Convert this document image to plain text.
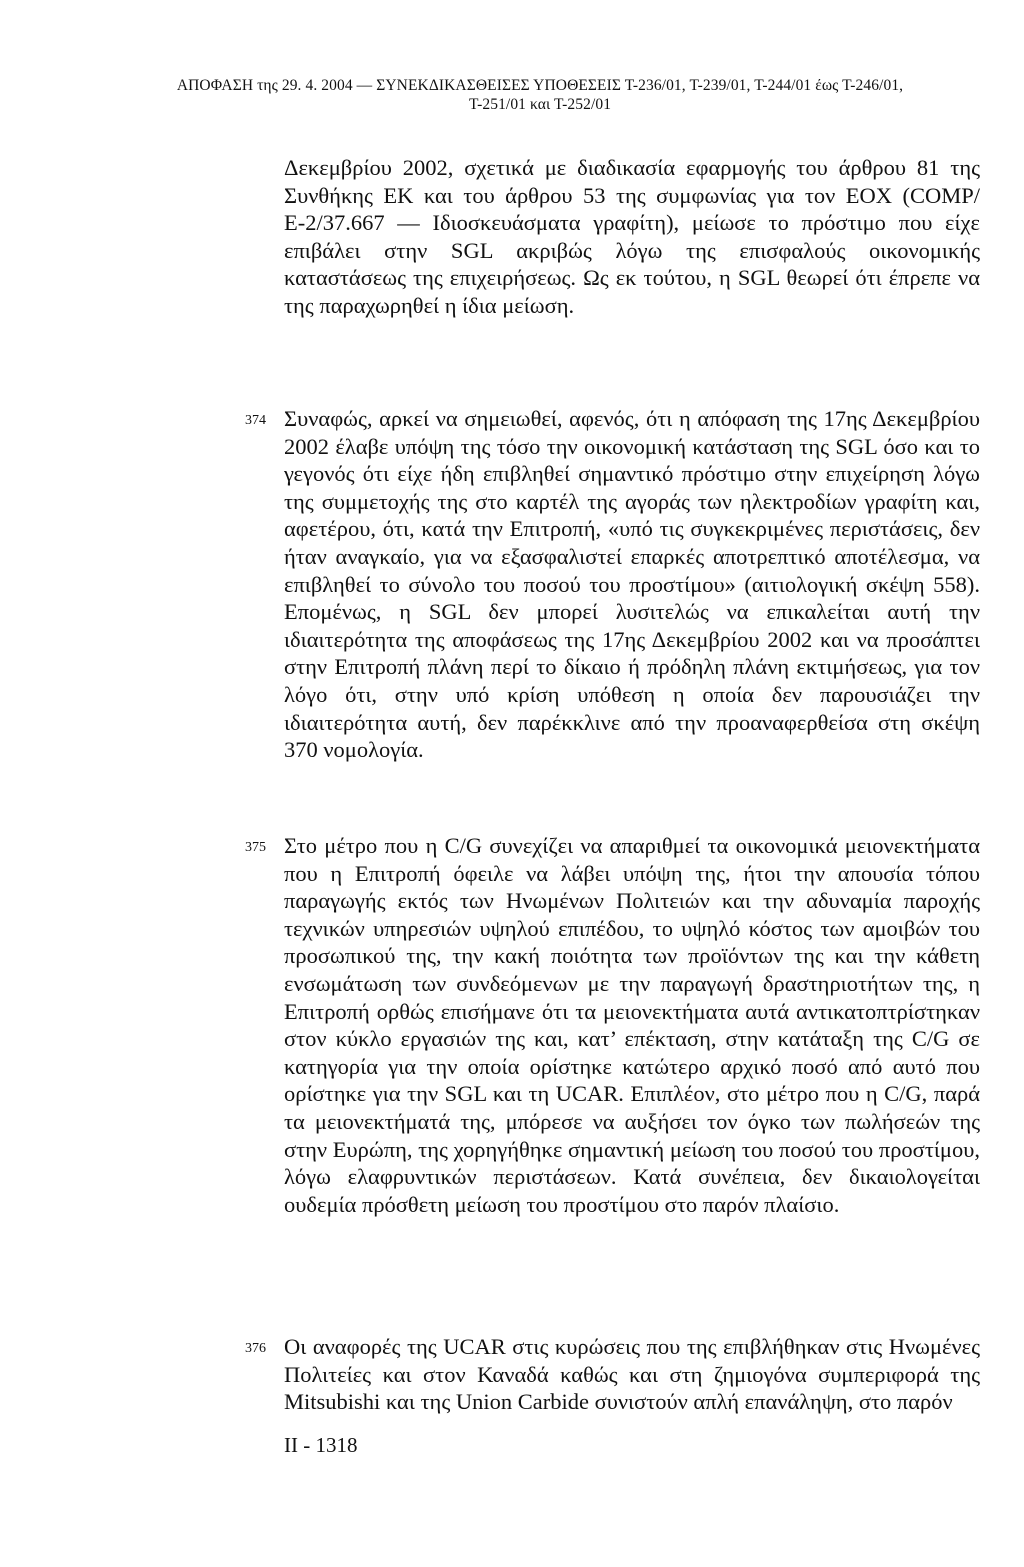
ΑΠΟΦΑΣΗ της 29. 4. 2004 — ΣΥΝΕΚΔΙΚΑΣΘΕΙΣΕΣ ΥΠΟΘΕΣΕΙΣ Τ-236/01, Τ-239/01, Τ-244/01 έως Τ-246/01,
Τ-251/01 και Τ-252/01

Δεκεμβρίου 2002, σχετικά με διαδικασία εφαρμογής του άρθρου 81 της Συνθήκης ΕΚ και του άρθρου 53 της συμφωνίας για τον ΕΟΧ (COMP/Ε-2/37.667 — Ιδιοσκευάσματα γραφίτη), μείωσε το πρόστιμο που είχε επιβάλει στην SGL ακριβώς λόγω της επισφαλούς οικονομικής καταστάσεως της επιχειρήσεως. Ως εκ τούτου, η SGL θεωρεί ότι έπρεπε να της παραχωρηθεί η ίδια μείωση.

374 Συναφώς, αρκεί να σημειωθεί, αφενός, ότι η απόφαση της 17ης Δεκεμβρίου 2002 έλαβε υπόψη της τόσο την οικονομική κατάσταση της SGL όσο και το γεγονός ότι είχε ήδη επιβληθεί σημαντικό πρόστιμο στην επιχείρηση λόγω της συμμετοχής της στο καρτέλ της αγοράς των ηλεκτροδίων γραφίτη και, αφετέρου, ότι, κατά την Επιτροπή, «υπό τις συγκεκριμένες περιστάσεις, δεν ήταν αναγκαίο, για να εξασφαλιστεί επαρκές αποτρεπτικό αποτέλεσμα, να επιβληθεί το σύνολο του ποσού του προστίμου» (αιτιολογική σκέψη 558). Επομένως, η SGL δεν μπορεί λυσιτελώς να επικαλείται αυτή την ιδιαιτερότητα της αποφάσεως της 17ης Δεκεμβρίου 2002 και να προσάπτει στην Επιτροπή πλάνη περί το δίκαιο ή πρόδηλη πλάνη εκτιμήσεως, για τον λόγο ότι, στην υπό κρίση υπόθεση η οποία δεν παρουσιάζει την ιδιαιτερότητα αυτή, δεν παρέκκλινε από την προαναφερθείσα στη σκέψη 370 νομολογία.

375 Στο μέτρο που η C/G συνεχίζει να απαριθμεί τα οικονομικά μειονεκτήματα που η Επιτροπή όφειλε να λάβει υπόψη της, ήτοι την απουσία τόπου παραγωγής εκτός των Ηνωμένων Πολιτειών και την αδυναμία παροχής τεχνικών υπηρεσιών υψηλού επιπέδου, το υψηλό κόστος των αμοιβών του προσωπικού της, την κακή ποιότητα των προϊόντων της και την κάθετη ενσωμάτωση των συνδεόμενων με την παραγωγή δραστηριοτήτων της, η Επιτροπή ορθώς επισήμανε ότι τα μειονεκτήματα αυτά αντικατοπτρίστηκαν στον κύκλο εργασιών της και, κατ’ επέκταση, στην κατάταξη της C/G σε κατηγορία για την οποία ορίστηκε κατώτερο αρχικό ποσό από αυτό που ορίστηκε για την SGL και τη UCAR. Επιπλέον, στο μέτρο που η C/G, παρά τα μειονεκτήματά της, μπόρεσε να αυξήσει τον όγκο των πωλήσεών της στην Ευρώπη, της χορηγήθηκε σημαντική μείωση του ποσού του προστίμου, λόγω ελαφρυντικών περιστάσεων. Κατά συνέπεια, δεν δικαιολογείται ουδεμία πρόσθετη μείωση του προστίμου στο παρόν πλαίσιο.

376 Οι αναφορές της UCAR στις κυρώσεις που της επιβλήθηκαν στις Ηνωμένες Πολιτείες και στον Καναδά καθώς και στη ζημιογόνα συμπεριφορά της Mitsubishi και της Union Carbide συνιστούν απλή επανάληψη, στο παρόν

II - 1318
